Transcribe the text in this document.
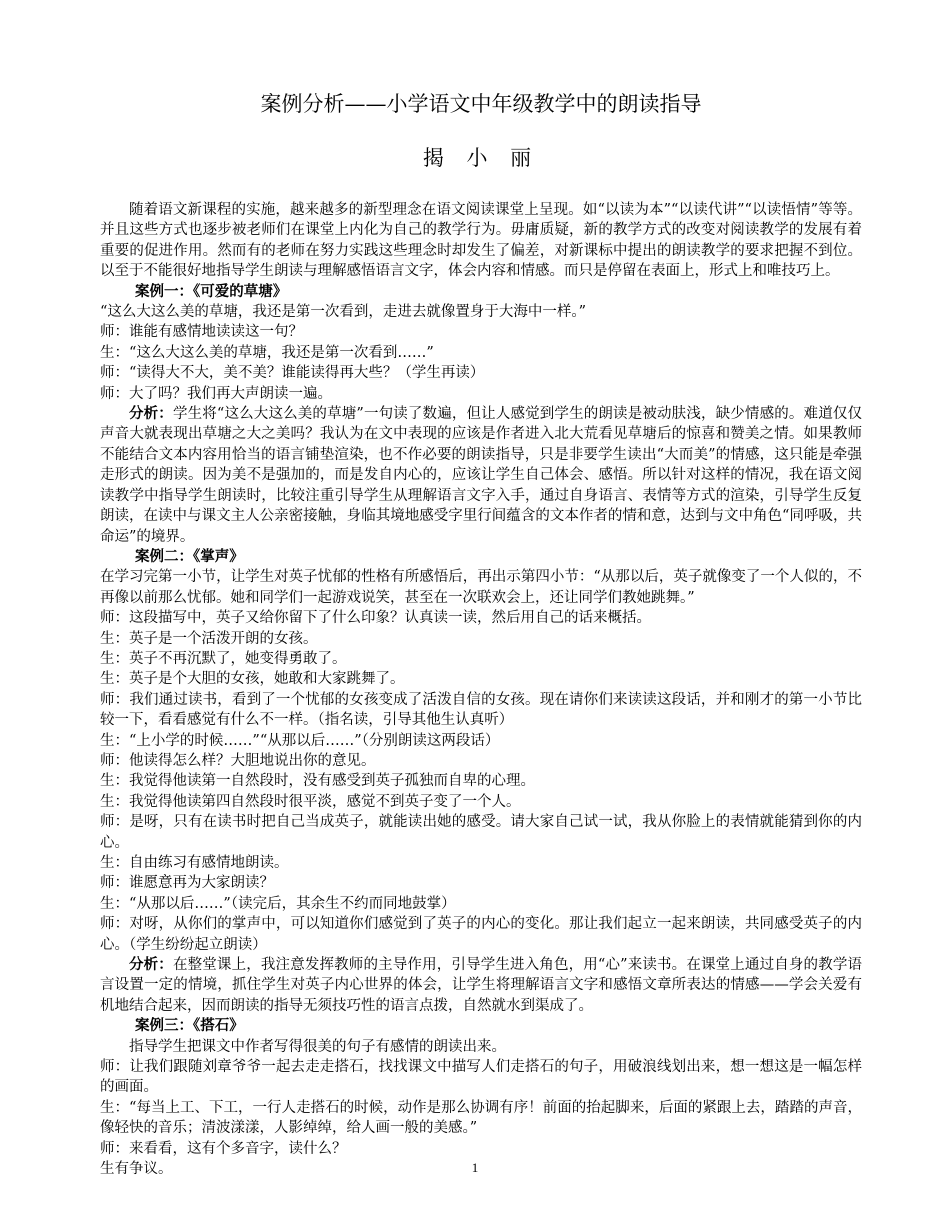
案例分析——小学语文中年级教学中的朗读指导
揭 小 丽

随着语文新课程的实施，越来越多的新型理念在语文阅读课堂上呈现。如“以读为本”“以读代讲”“以读悟情”等等。并且这些方式也逐步被老师们在课堂上内化为自己的教学行为。毋庸质疑，新的教学方式的改变对阅读教学的发展有着重要的促进作用。然而有的老师在努力实践这些理念时却发生了偏差，对新课标中提出的朗读教学的要求把握不到位。以至于不能很好地指导学生朗读与理解感悟语言文字，体会内容和情感。而只是停留在表面上，形式上和唯技巧上。

案例一：《可爱的草塘》

“这么大这么美的草塘，我还是第一次看到，走进去就像置身于大海中一样。”

师：谁能有感情地读读这一句？

生：“这么大这么美的草塘，我还是第一次看到……”

师：“读得大不大，美不美？谁能读得再大些？（学生再读）

师：大了吗？我们再大声朗读一遍。

分析：学生将“这么大这么美的草塘”一句读了数遍，但让人感觉到学生的朗读是被动肤浅，缺少情感的。难道仅仅声音大就表现出草塘之大之美吗？我认为在文中表现的应该是作者进入北大荒看见草塘后的惊喜和赞美之情。如果教师不能结合文本内容用恰当的语言铺垫渲染，也不作必要的朗读指导，只是非要学生读出“大而美”的情感，这只能是牵强走形式的朗读。因为美不是强加的，而是发自内心的，应该让学生自己体会、感悟。所以针对这样的情况，我在语文阅读教学中指导学生朗读时，比较注重引导学生从理解语言文字入手，通过自身语言、表情等方式的渲染，引导学生反复朗读，在读中与课文主人公亲密接触，身临其境地感受字里行间蕴含的文本作者的情和意，达到与文中角色“同呼吸，共命运”的境界。

案例二：《掌声》

在学习完第一小节，让学生对英子忧郁的性格有所感悟后，再出示第四小节：“从那以后，英子就像变了一个人似的，不再像以前那么忧郁。她和同学们一起游戏说笑，甚至在一次联欢会上，还让同学们教她跳舞。”

师：这段描写中，英子又给你留下了什么印象？认真读一读，然后用自己的话来概括。

生：英子是一个活泼开朗的女孩。

生：英子不再沉默了，她变得勇敢了。

生：英子是个大胆的女孩，她敢和大家跳舞了。

师：我们通过读书，看到了一个忧郁的女孩变成了活泼自信的女孩。现在请你们来读读这段话，并和刚才的第一小节比较一下，看看感觉有什么不一样。（指名读，引导其他生认真听）

生：“上小学的时候……”“从那以后……”（分别朗读这两段话）

师：他读得怎么样？大胆地说出你的意见。

生：我觉得他读第一自然段时，没有感受到英子孤独而自卑的心理。

生：我觉得他读第四自然段时很平淡，感觉不到英子变了一个人。

师：是呀，只有在读书时把自己当成英子，就能读出她的感受。请大家自己试一试，我从你脸上的表情就能猜到你的内心。

生：自由练习有感情地朗读。

师：谁愿意再为大家朗读？

生：“从那以后……”（读完后，其余生不约而同地鼓掌）

师：对呀，从你们的掌声中，可以知道你们感觉到了英子的内心的变化。那让我们起立一起来朗读，共同感受英子的内心。（学生纷纷起立朗读）

分析：在整堂课上，我注意发挥教师的主导作用，引导学生进入角色，用“心”来读书。在课堂上通过自身的教学语言设置一定的情境，抓住学生对英子内心世界的体会，让学生将理解语言文字和感悟文章所表达的情感——学会关爱有机地结合起来，因而朗读的指导无须技巧性的语言点拨，自然就水到渠成了。

案例三：《搭石》

指导学生把课文中作者写得很美的句子有感情的朗读出来。

师：让我们跟随刘章爷爷一起去走走搭石，找找课文中描写人们走搭石的句子，用破浪线划出来，想一想这是一幅怎样的画面。

生：“每当上工、下工，一行人走搭石的时候，动作是那么协调有序！前面的抬起脚来，后面的紧跟上去，踏踏的声音，像轻快的音乐；清波漾漾，人影绰绰，给人画一般的美感。”

师：来看看，这有个多音字，读什么？

生有争议。	1
